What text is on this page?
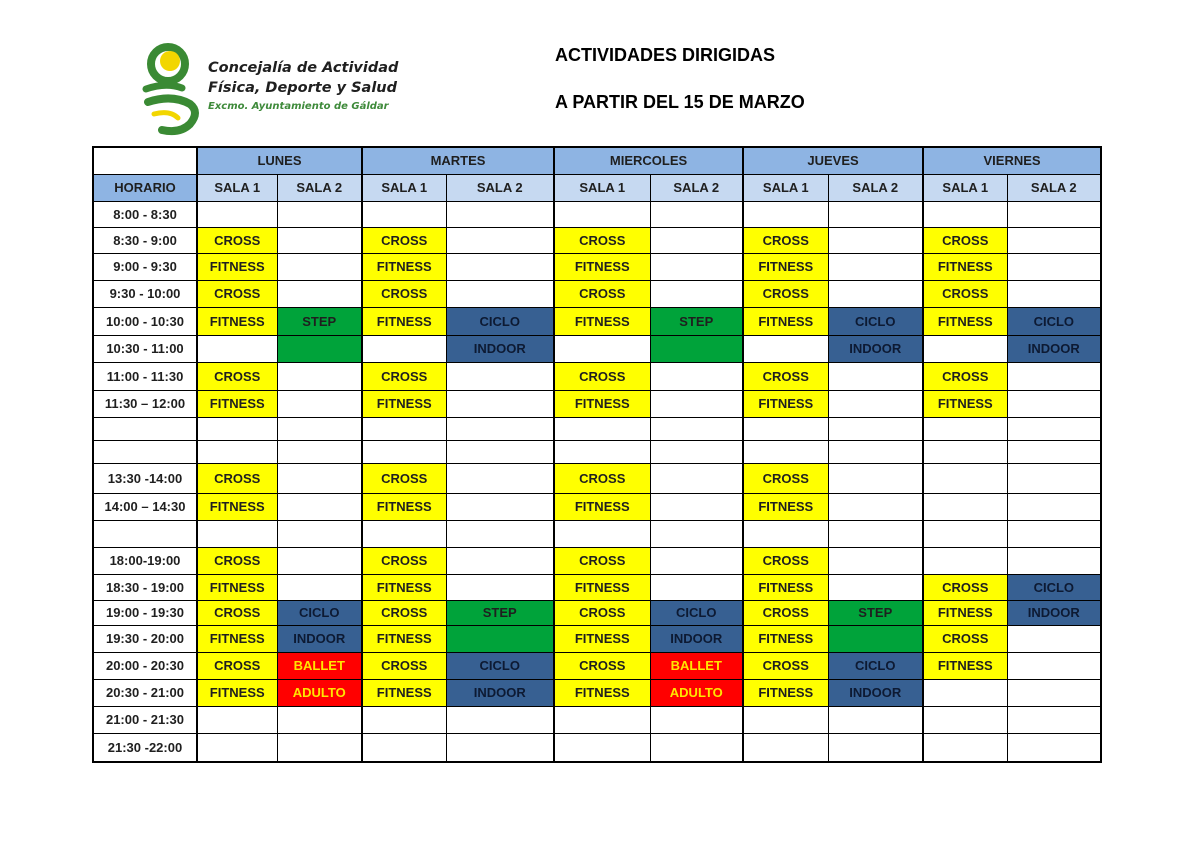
Concejalía de Actividad
Física, Deporte y Salud
Excmo. Ayuntamiento de Gáldar
ACTIVIDADES DIRIGIDAS
A PARTIR DEL 15 DE MARZO
	LUNES		MARTES		MIERCOLES		JUEVES		VIERNES	
HORARIO	SALA 1	SALA 2	SALA 1	SALA 2	SALA 1	SALA 2	SALA 1	SALA 2	SALA 1	SALA 2
8:00 - 8:30										
8:30 - 9:00	CROSS		CROSS		CROSS		CROSS		CROSS	
9:00 - 9:30	FITNESS		FITNESS		FITNESS		FITNESS		FITNESS	
9:30 - 10:00	CROSS		CROSS		CROSS		CROSS		CROSS	
10:00 - 10:30	FITNESS	STEP	FITNESS	CICLO	FITNESS	STEP	FITNESS	CICLO	FITNESS	CICLO
10:30 - 11:00				INDOOR				INDOOR		INDOOR
11:00 - 11:30	CROSS		CROSS		CROSS		CROSS		CROSS	
11:30 – 12:00	FITNESS		FITNESS		FITNESS		FITNESS		FITNESS	

13:30 -14:00	CROSS		CROSS		CROSS		CROSS			
14:00 – 14:30	FITNESS		FITNESS		FITNESS		FITNESS			

18:00-19:00	CROSS		CROSS		CROSS		CROSS			
18:30 - 19:00	FITNESS		FITNESS		FITNESS		FITNESS		CROSS	CICLO
19:00 - 19:30	CROSS	CICLO	CROSS	STEP	CROSS	CICLO	CROSS	STEP	FITNESS	INDOOR
19:30 - 20:00	FITNESS	INDOOR	FITNESS		FITNESS	INDOOR	FITNESS		CROSS	
20:00 - 20:30	CROSS	BALLET	CROSS	CICLO	CROSS	BALLET	CROSS	CICLO	FITNESS	
20:30 - 21:00	FITNESS	ADULTO	FITNESS	INDOOR	FITNESS	ADULTO	FITNESS	INDOOR		
21:00 - 21:30										
21:30 -22:00										
